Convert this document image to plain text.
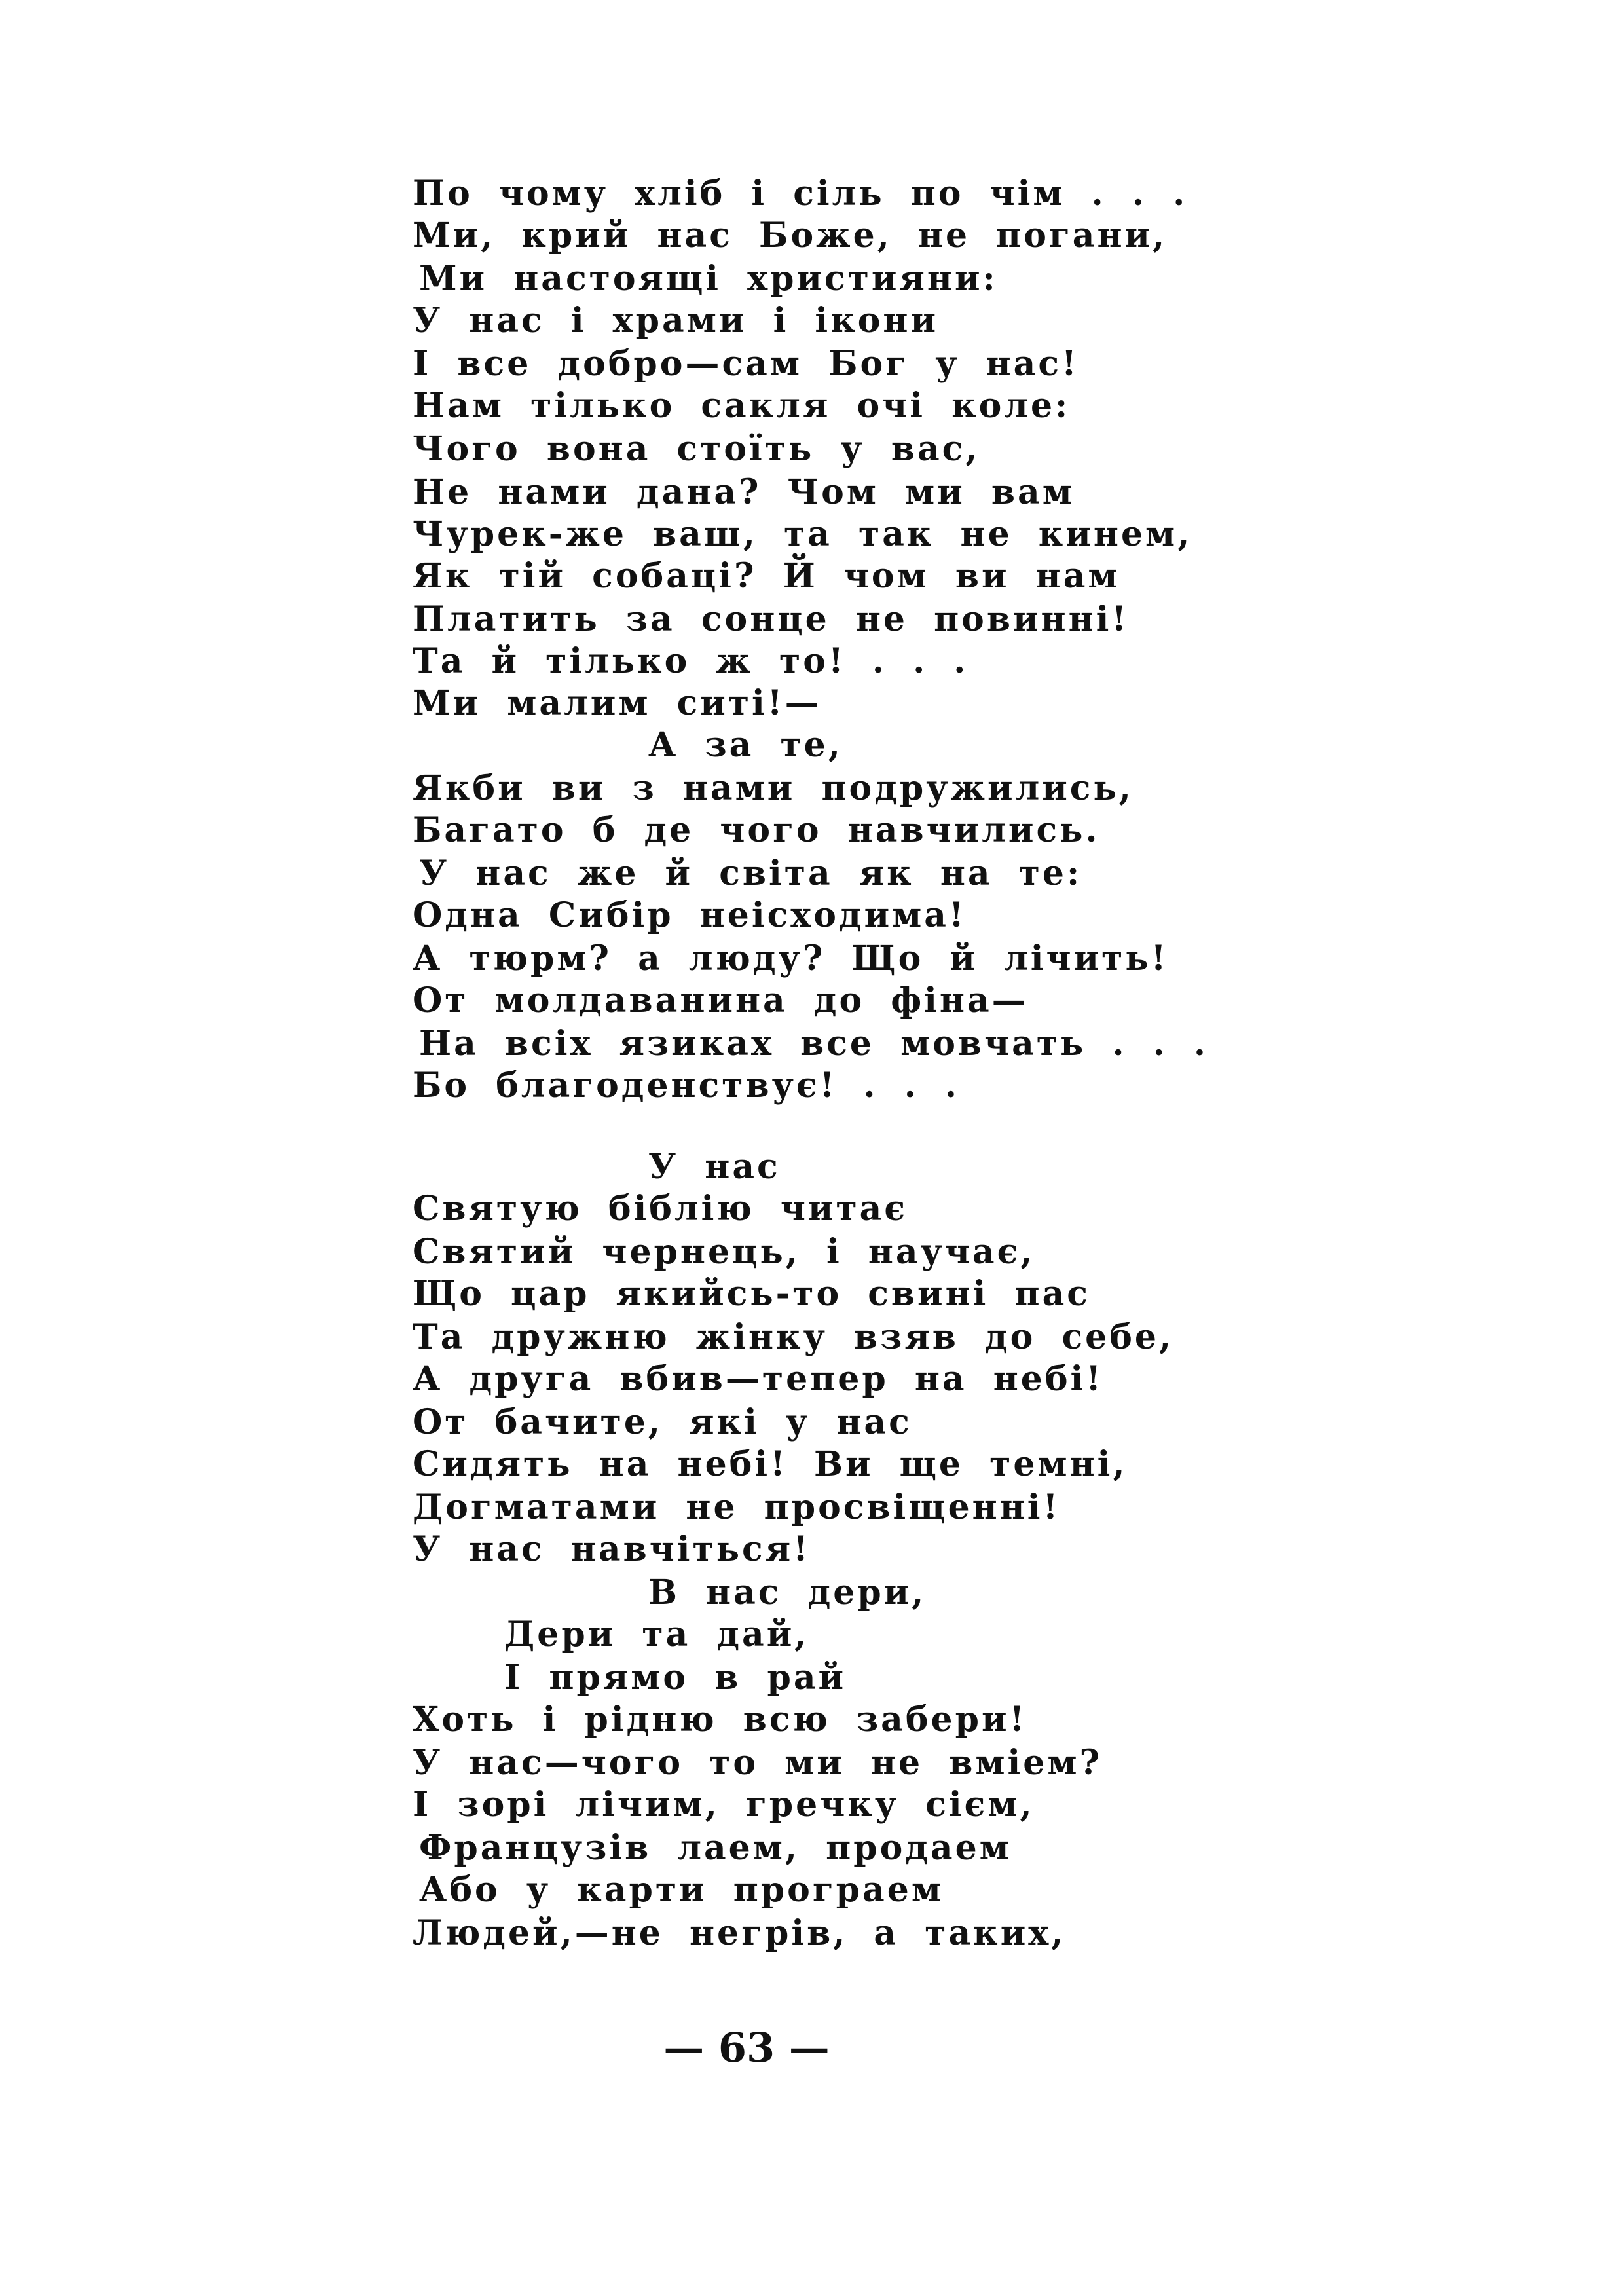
По чому хліб і сіль по чім . . .
Ми, крий нас Боже, не погани,
Ми настоящі християни:
У нас і храми і ікони
І все добро—сам Бог у нас!
Нам тілько сакля очі коле:
Чого вона стоїть у вас,
Не нами дана? Чом ми вам
Чурек-же ваш, та так не кинем,
Як тій собаці? Й чом ви нам
Платить за сонце не повинні!
Та й тілько ж то! . . .
Ми малим ситі!—
А за те,
Якби ви з нами подружились,
Багато б де чого навчились.
У нас же й світа як на те:
Одна Сибір неісходима!
А тюрм? а люду? Що й лічить!
От молдаванина до фіна—
На всіх язиках все мовчать . . .
Бо благоденствує! . . .
У нас
Святую біблію читає
Святий чернець, і научає,
Що цар якийсь-то свині пас
Та дружню жінку взяв до себе,
А друга вбив—тепер на небі!
От бачите, які у нас
Сидять на небі! Ви ще темні,
Догматами не просвіщенні!
У нас навчіться!
В нас дери,
Дери та дай,
І прямо в рай
Хоть і рідню всю забери!
У нас—чого то ми не вміем?
І зорі лічим, гречку сієм,
Французів лаем, продаем
Або у карти програем
Людей,—не негрів, а таких,
— 63 —
